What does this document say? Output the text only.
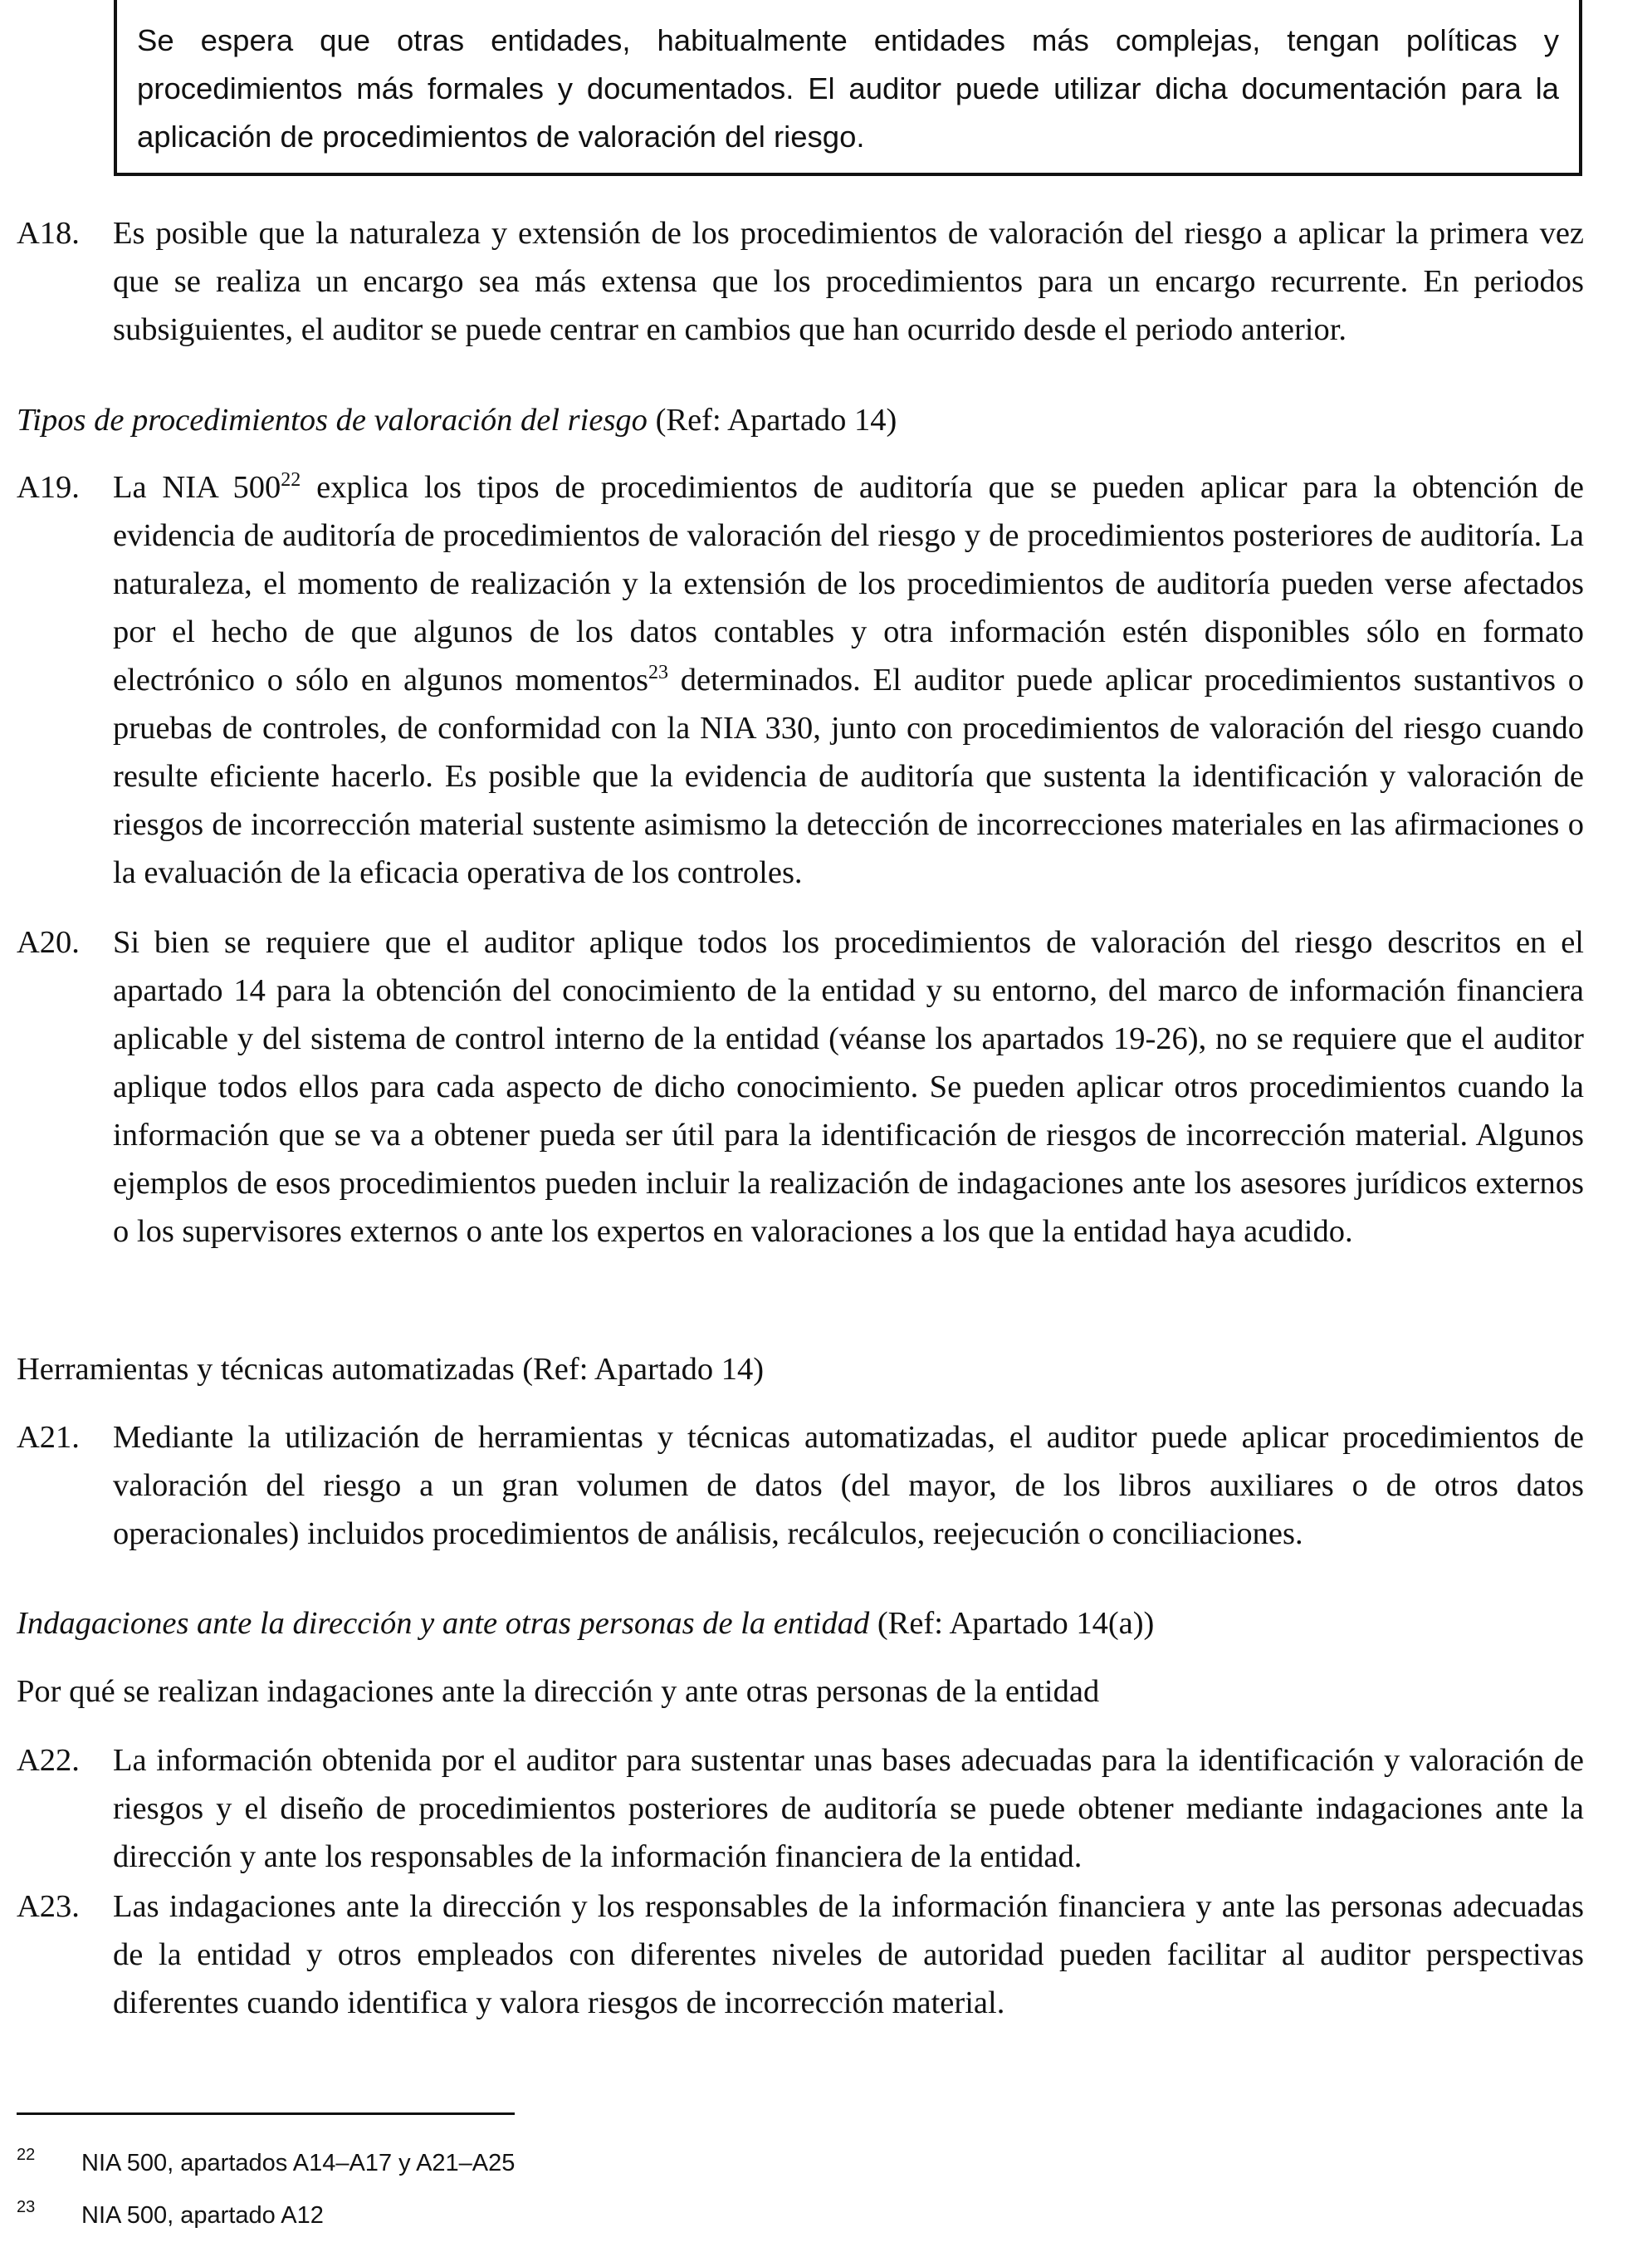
Se espera que otras entidades, habitualmente entidades más complejas, tengan políticas y procedimientos más formales y documentados. El auditor puede utilizar dicha documentación para la aplicación de procedimientos de valoración del riesgo.
A18.	Es posible que la naturaleza y extensión de los procedimientos de valoración del riesgo a aplicar la primera vez que se realiza un encargo sea más extensa que los procedimientos para un encargo recurrente. En periodos subsiguientes, el auditor se puede centrar en cambios que han ocurrido desde el periodo anterior.
Tipos de procedimientos de valoración del riesgo (Ref: Apartado 14)
A19.	La NIA $500^{22}$ explica los tipos de procedimientos de auditoría que se pueden aplicar para la obtención de evidencia de auditoría de procedimientos de valoración del riesgo y de procedimientos posteriores de auditoría. La naturaleza, el momento de realización y la extensión de los procedimientos de auditoría pueden verse afectados por el hecho de que algunos de los datos contables y otra información estén disponibles sólo en formato electrónico o sólo en algunos momentos$^{23}$ determinados. El auditor puede aplicar procedimientos sustantivos o pruebas de controles, de conformidad con la NIA 330, junto con procedimientos de valoración del riesgo cuando resulte eficiente hacerlo. Es posible que la evidencia de auditoría que sustenta la identificación y valoración de riesgos de incorrección material sustente asimismo la detección de incorrecciones materiales en las afirmaciones o la evaluación de la eficacia operativa de los controles.
A20.	Si bien se requiere que el auditor aplique todos los procedimientos de valoración del riesgo descritos en el apartado 14 para la obtención del conocimiento de la entidad y su entorno, del marco de información financiera aplicable y del sistema de control interno de la entidad (véanse los apartados 19-26), no se requiere que el auditor aplique todos ellos para cada aspecto de dicho conocimiento. Se pueden aplicar otros procedimientos cuando la información que se va a obtener pueda ser útil para la identificación de riesgos de incorrección material. Algunos ejemplos de esos procedimientos pueden incluir la realización de indagaciones ante los asesores jurídicos externos o los supervisores externos o ante los expertos en valoraciones a los que la entidad haya acudido.
Herramientas y técnicas automatizadas (Ref: Apartado 14)
A21.	Mediante la utilización de herramientas y técnicas automatizadas, el auditor puede aplicar procedimientos de valoración del riesgo a un gran volumen de datos (del mayor, de los libros auxiliares o de otros datos operacionales) incluidos procedimientos de análisis, recálculos, reejecución o conciliaciones.
Indagaciones ante la dirección y ante otras personas de la entidad (Ref: Apartado 14(a))
Por qué se realizan indagaciones ante la dirección y ante otras personas de la entidad
A22.	La información obtenida por el auditor para sustentar unas bases adecuadas para la identificación y valoración de riesgos y el diseño de procedimientos posteriores de auditoría se puede obtener mediante indagaciones ante la dirección y ante los responsables de la información financiera de la entidad.
A23.	Las indagaciones ante la dirección y los responsables de la información financiera y ante las personas adecuadas de la entidad y otros empleados con diferentes niveles de autoridad pueden facilitar al auditor perspectivas diferentes cuando identifica y valora riesgos de incorrección material.
22 NIA 500, apartados A14–A17 y A21–A25
23 NIA 500, apartado A12
